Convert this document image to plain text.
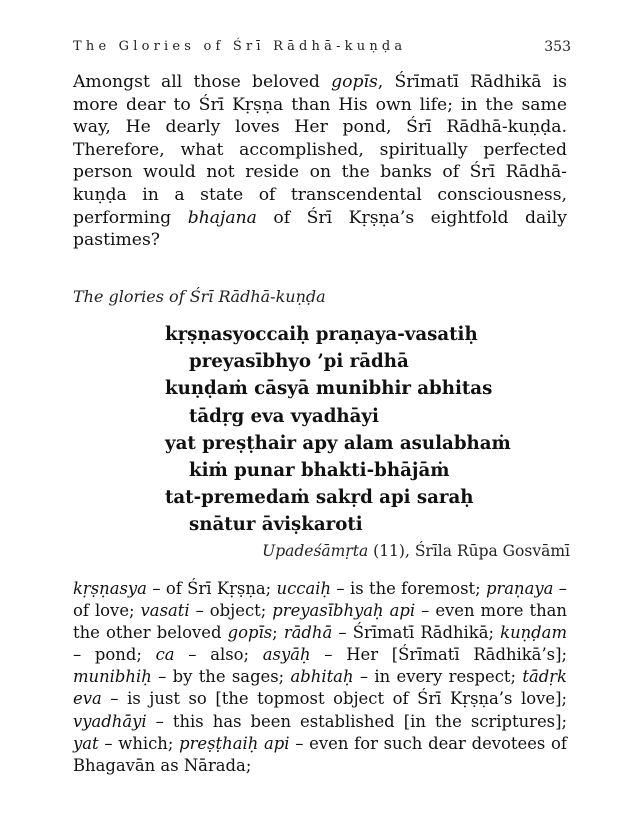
The Glories of Śrī Rādhā-kuṇḍa	353

Amongst all those beloved gopīs, Śrīmatī Rādhikā is more dear to Śrī Kṛṣṇa than His own life; in the same way, He dearly loves Her pond, Śrī Rādhā-kuṇḍa. Therefore, what accomplished, spiritually perfected person would not reside on the banks of Śrī Rādhā-kuṇḍa in a state of transcendental consciousness, performing bhajana of Śrī Kṛṣṇa’s eightfold daily pastimes?

The glories of Śrī Rādhā-kuṇḍa
kṛṣṇasyoccaiḥ praṇaya-vasatiḥ
preyasībhyo ’pi rādhā
kuṇḍaṁ cāsyā munibhir abhitas
tādṛg eva vyadhāyi
yat preṣṭhair apy alam asulabhaṁ
kiṁ punar bhakti-bhājāṁ
tat-premedaṁ sakṛd api saraḥ
snātur āviṣkaroti
Upadeśāmṛta (11), Śrīla Rūpa Gosvāmī

kṛṣṇasya – of Śrī Kṛṣṇa; uccaiḥ – is the foremost; praṇaya – of love; vasati – object; preyasībhyaḥ api – even more than the other beloved gopīs; rādhā – Śrīmatī Rādhikā; kuṇḍam – pond; ca – also; asyāḥ – Her [Śrīmatī Rādhikā’s]; munibhiḥ – by the sages; abhitaḥ – in every respect; tādṛk eva – is just so [the topmost object of Śrī Kṛṣṇa’s love]; vyadhāyi – this has been established [in the scriptures]; yat – which; preṣṭhaiḥ api – even for such dear devotees of Bhagavān as Nārada;
